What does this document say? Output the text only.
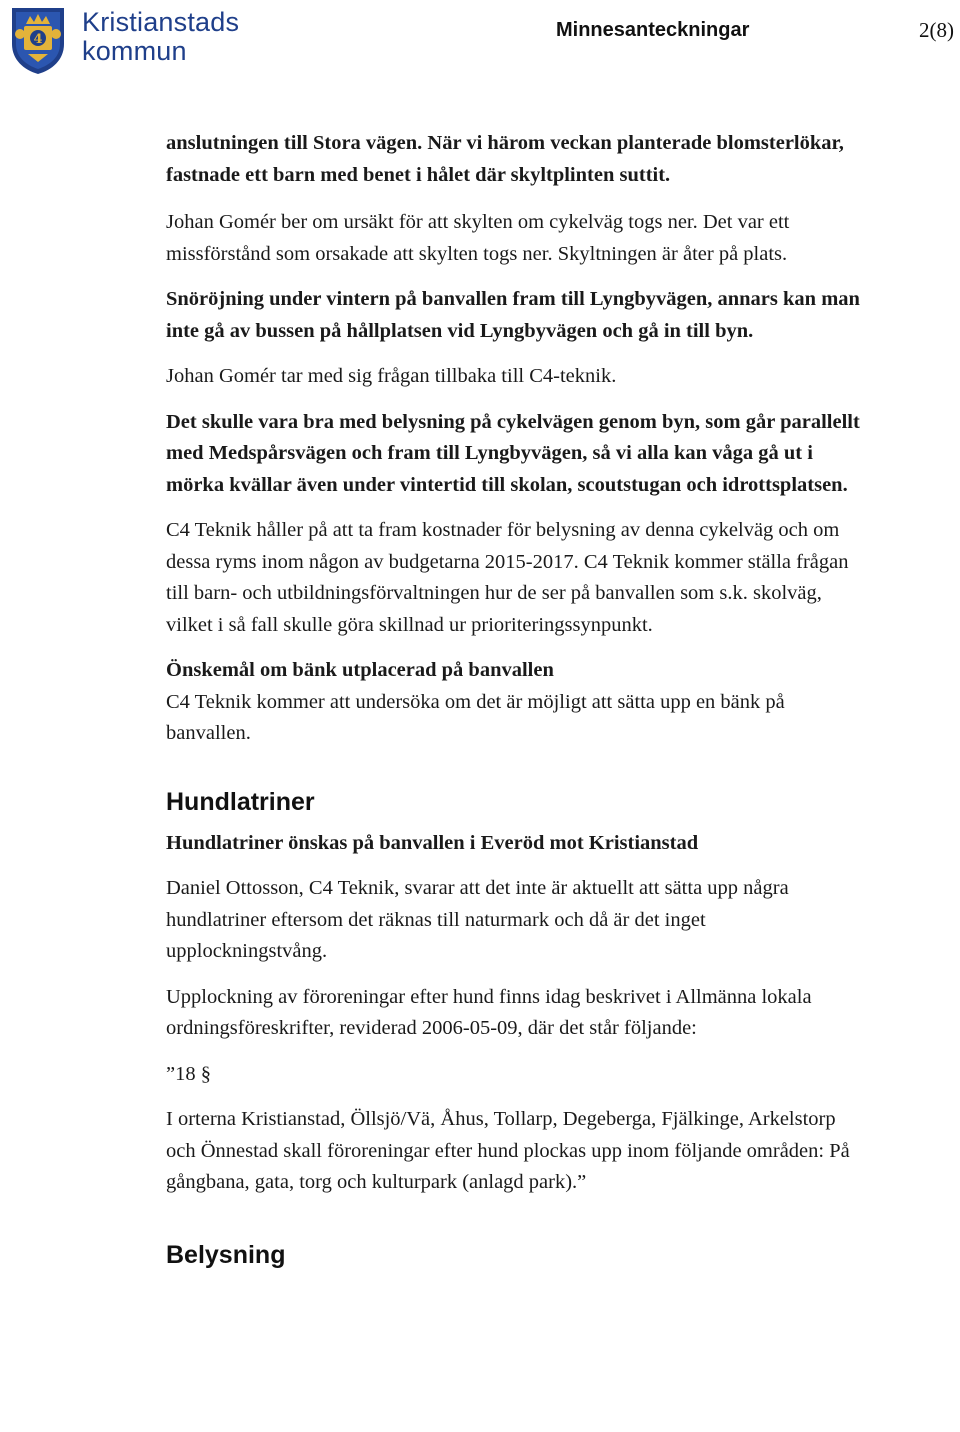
4
Kristianstads
kommun
Minnesanteckningar	2(8)

anslutningen till Stora vägen. När vi härom veckan planterade blomsterlökar, fastnade ett barn med benet i hålet där skyltplinten suttit.

Johan Gomér ber om ursäkt för att skylten om cykelväg togs ner. Det var ett missförstånd som orsakade att skylten togs ner. Skyltningen är åter på plats.

Snöröjning under vintern på banvallen fram till Lyngbyvägen, annars kan man inte gå av bussen på hållplatsen vid Lyngbyvägen och gå in till byn.

Johan Gomér tar med sig frågan tillbaka till C4-teknik.

Det skulle vara bra med belysning på cykelvägen genom byn, som går parallellt med Medspårsvägen och fram till Lyngbyvägen, så vi alla kan våga gå ut i mörka kvällar även under vintertid till skolan, scoutstugan och idrottsplatsen.

C4 Teknik håller på att ta fram kostnader för belysning av denna cykelväg och om dessa ryms inom någon av budgetarna 2015-2017. C4 Teknik kommer ställa frågan till barn- och utbildningsförvaltningen hur de ser på banvallen som s.k. skolväg, vilket i så fall skulle göra skillnad ur prioriteringssynpunkt.

Önskemål om bänk utplacerad på banvallen

C4 Teknik kommer att undersöka om det är möjligt att sätta upp en bänk på banvallen.

Hundlatriner
Hundlatriner önskas på banvallen i Everöd mot Kristianstad

Daniel Ottosson, C4 Teknik, svarar att det inte är aktuellt att sätta upp några hundlatriner eftersom det räknas till naturmark och då är det inget upplockningstvång.

Upplockning av föroreningar efter hund finns idag beskrivet i Allmänna lokala ordningsföreskrifter, reviderad 2006-05-09, där det står följande:

”18 §

I orterna Kristianstad, Öllsjö/Vä, Åhus, Tollarp, Degeberga, Fjälkinge, Arkelstorp och Önnestad skall föroreningar efter hund plockas upp inom följande områden: På gångbana, gata, torg och kulturpark (anlagd park).”

Belysning
